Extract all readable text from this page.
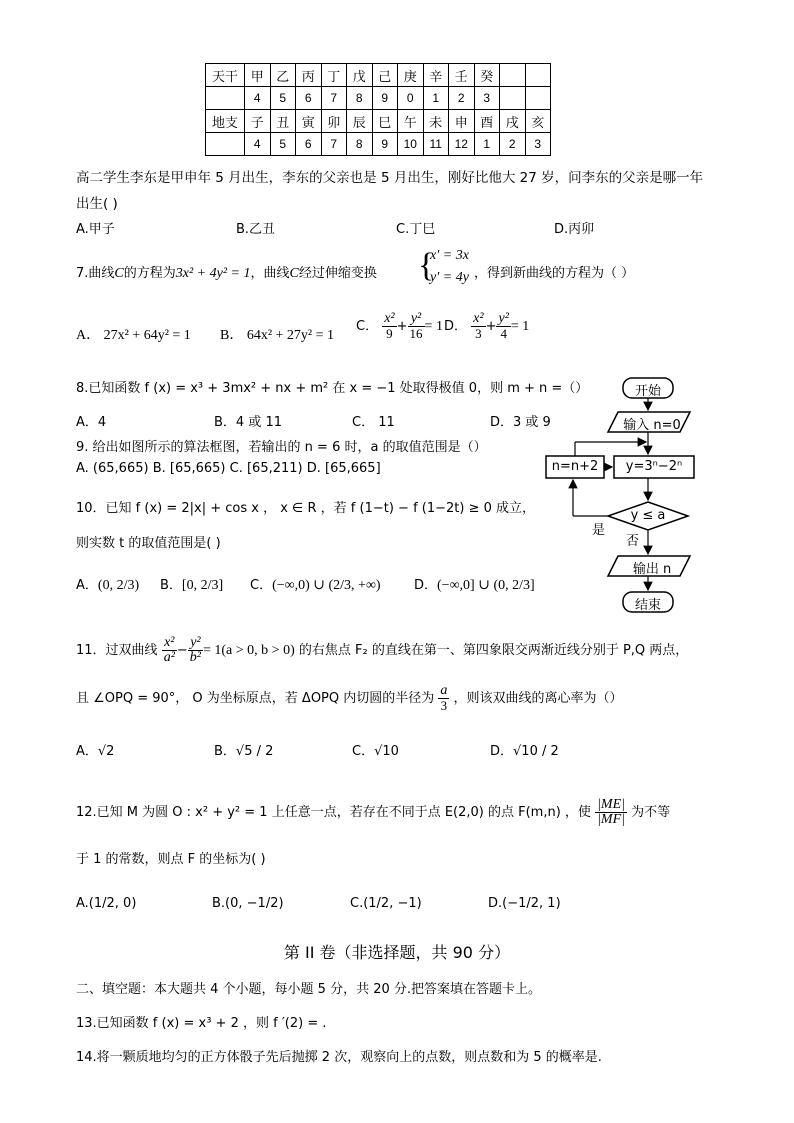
天干	甲	乙	丙	丁	戊	己	庚	辛	壬	癸		
	4	5	6	7	8	9	0	1	2	3		
地支	子	丑	寅	卯	辰	巳	午	未	申	酉	戌	亥
	4	5	6	7	8	9	10	11	12	1	2	3
高二学生李东是甲申年 5 月出生，李东的父亲也是 5 月出生，刚好比他大 27 岁，问李东的父亲是哪一年
出生( )
A.甲子	B.乙丑	C.丁巳	D.丙卯
7.曲线C的方程为3x² + 4y² = 1，曲线C经过伸缩变换 {
x′ = 3x
y′ = 4y ，得到新曲线的方程为（ ）
A． 27x² + 64y² = 1 B． 64x² + 27y² = 1
C． $\frac{\text{x²}}{9} + \frac{\text{y²}}{16} = 1$ D． $\frac{\text{x²}}{3} + \frac{\text{y²}}{4} = 1$
8.已知函数 f (x) = x³ + 3mx² + nx + m² 在 x = −1 处取得极值 0，则 m + n =（）
A．4	B．4 或 11	C． 11	D．3 或 9
9. 给出如图所示的算法框图，若输出的 n = 6 时，a 的取值范围是（）
A. (65,665) B. [65,665) C. [65,211) D. [65,665]
10．已知 f (x) = 2|x| + cos x ， x ∈ R ，若 f (1−t) − f (1−2t) ≥ 0 成立，
则实数 t 的取值范围是( )
A．(0, 2/3) B．[0, 2/3] C．(−∞,0) ∪ (2/3, +∞)	D．(−∞,0] ∪ (0, 2/3]
开始
输入 n=0
y=3ⁿ−2ⁿ
n=n+2
y ≤ a
是
否
输出 n
结束
11．过双曲线 $\frac{\text{x²}}{\text{a²}} - \frac{\text{y²}}{\text{b²}} = 1(a > 0$, b > 0) 的右焦点 F₂ 的直线在第一、第四象限交两渐近线分别于 P,Q 两点，
且 ∠OPQ = 90°， O 为坐标原点，若 ΔOPQ 内切圆的半径为 $\frac{a}{3}$ ，则该双曲线的离心率为（）
A．√2	B．√5 / 2	C．√10	D．√10 / 2
12.已知 M 为圆 O : x² + y² = 1 上任意一点，若存在不同于点 E(2,0) 的点 F(m,n) ，使 $\frac{|ME|}{|MF|}$ 为不等
于 1 的常数，则点 F 的坐标为( )
A.(1/2, 0)	B.(0, −1/2)	C.(1/2, −1)	D.(−1/2, 1)
第 II 卷（非选择题，共 90 分）
二、填空题：本大题共 4 个小题，每小题 5 分，共 20 分.把答案填在答题卡上。
13.已知函数 f (x) = x³ + 2 ，则 f ′(2) = .
14.将一颗质地均匀的正方体骰子先后抛掷 2 次，观察向上的点数，则点数和为 5 的概率是.
